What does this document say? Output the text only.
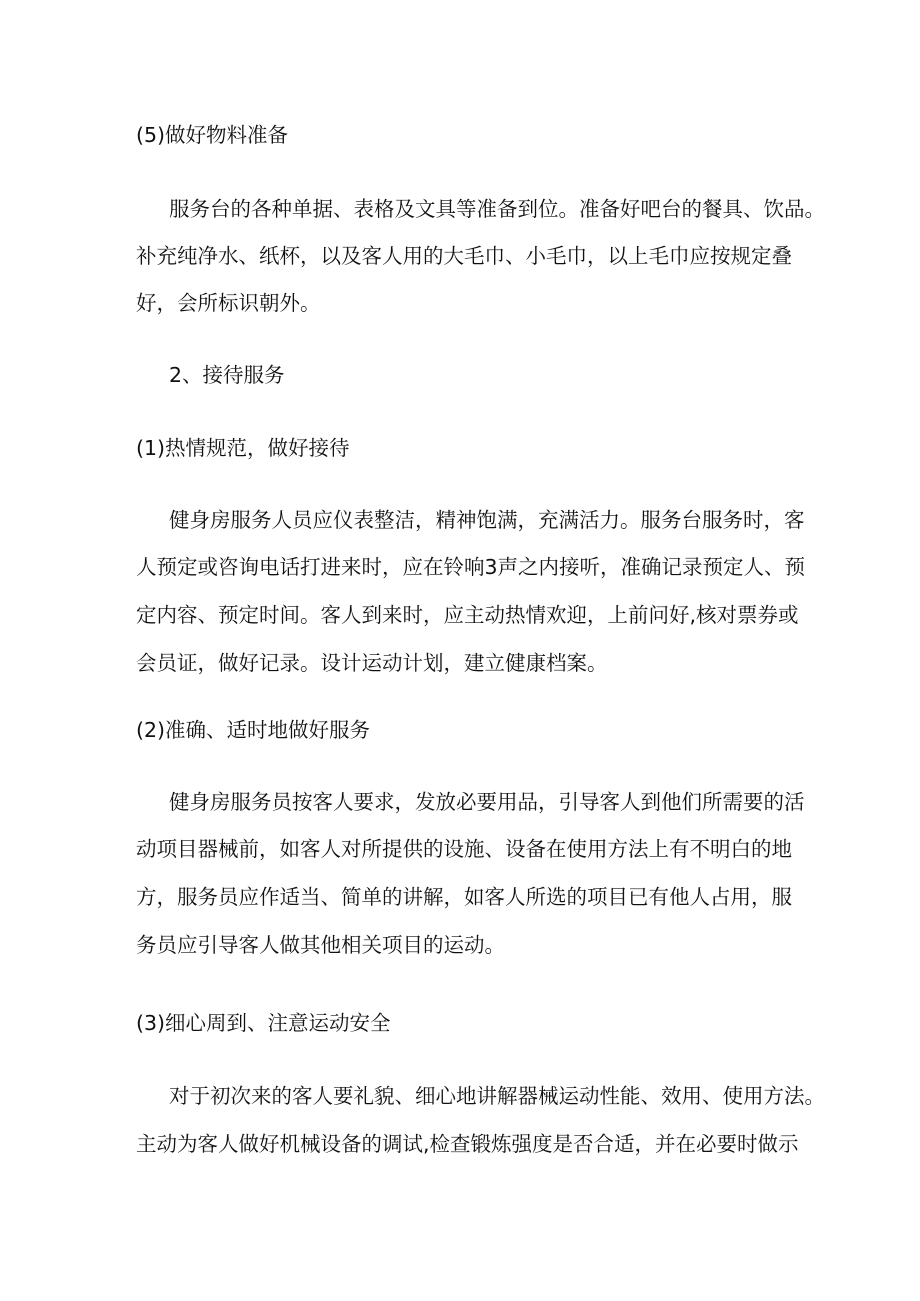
(5)做好物料准备

服务台的各种单据、表格及文具等准备到位。准备好吧台的餐具、饮品。

补充纯净水、纸杯，以及客人用的大毛巾、小毛巾，以上毛巾应按规定叠

好，会所标识朝外。

2、接待服务

(1)热情规范，做好接待

健身房服务人员应仪表整洁，精神饱满，充满活力。服务台服务时，客

人预定或咨询电话打进来时，应在铃响3声之内接听，准确记录预定人、预

定内容、预定时间。客人到来时，应主动热情欢迎，上前问好,核对票券或

会员证，做好记录。设计运动计划，建立健康档案。

(2)准确、适时地做好服务

健身房服务员按客人要求，发放必要用品，引导客人到他们所需要的活

动项目器械前，如客人对所提供的设施、设备在使用方法上有不明白的地

方，服务员应作适当、简单的讲解，如客人所选的项目已有他人占用，服

务员应引导客人做其他相关项目的运动。

(3)细心周到、注意运动安全

对于初次来的客人要礼貌、细心地讲解器械运动性能、效用、使用方法。

主动为客人做好机械设备的调试,检查锻炼强度是否合适，并在必要时做示
